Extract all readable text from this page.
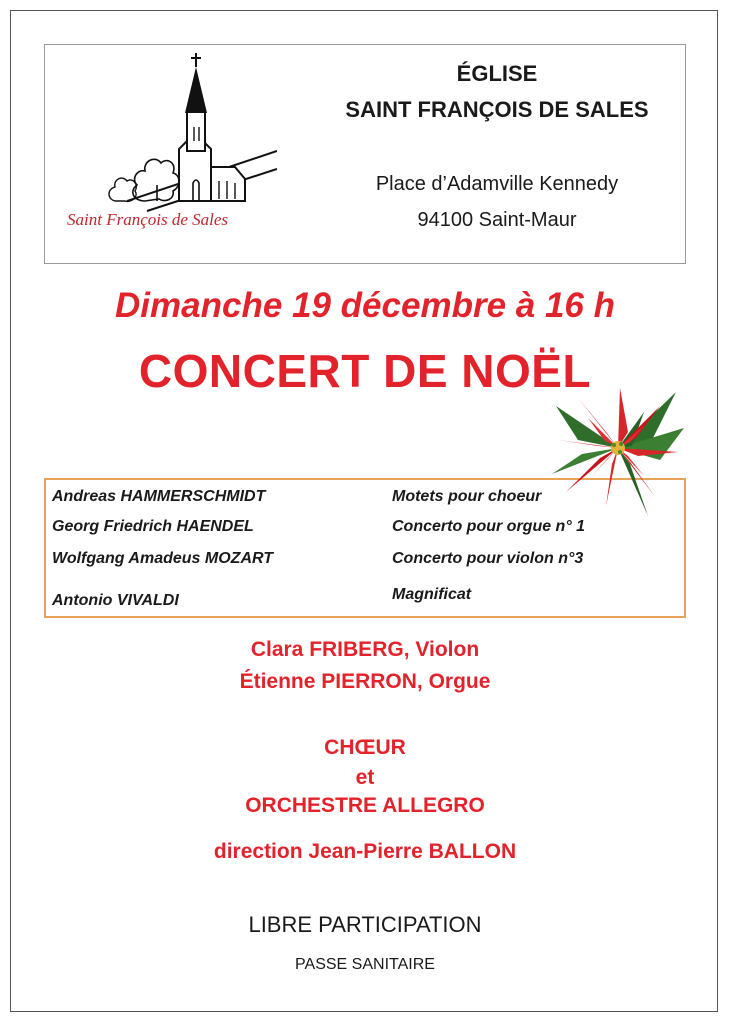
Saint François de Sales
ÉGLISE
SAINT FRANÇOIS DE SALES
Place d’Adamville Kennedy
94100 Saint-Maur
Dimanche 19 décembre à 16 h
CONCERT DE NOËL
Andreas HAMMERSCHMIDT	Motets pour choeur
Georg Friedrich HAENDEL	Concerto pour orgue n° 1
Wolfgang Amadeus MOZART	Concerto pour violon n°3
Antonio VIVALDI	Magnificat
Clara FRIBERG, Violon
Étienne PIERRON, Orgue
CHŒUR
et
ORCHESTRE ALLEGRO
direction Jean-Pierre BALLON
LIBRE PARTICIPATION
PASSE SANITAIRE
